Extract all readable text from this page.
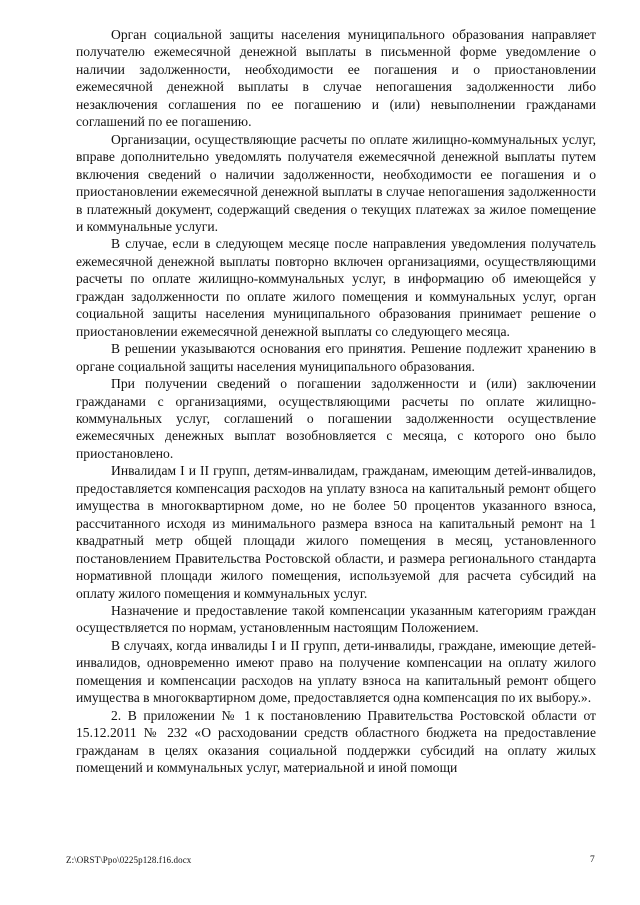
Орган социальной защиты населения муниципального образования направляет получателю ежемесячной денежной выплаты в письменной форме уведомление о наличии задолженности, необходимости ее погашения и о приостановлении ежемесячной денежной выплаты в случае непогашения задолженности либо незаключения соглашения по ее погашению и (или) невыполнении гражданами соглашений по ее погашению.

Организации, осуществляющие расчеты по оплате жилищно-коммунальных услуг, вправе дополнительно уведомлять получателя ежемесячной денежной выплаты путем включения сведений о наличии задолженности, необходимости ее погашения и о приостановлении ежемесячной денежной выплаты в случае непогашения задолженности в платежный документ, содержащий сведения о текущих платежах за жилое помещение и коммунальные услуги.

В случае, если в следующем месяце после направления уведомления получатель ежемесячной денежной выплаты повторно включен организациями, осуществляющими расчеты по оплате жилищно-коммунальных услуг, в информацию об имеющейся у граждан задолженности по оплате жилого помещения и коммунальных услуг, орган социальной защиты населения муниципального образования принимает решение о приостановлении ежемесячной денежной выплаты со следующего месяца.

В решении указываются основания его принятия. Решение подлежит хранению в органе социальной защиты населения муниципального образования.

При получении сведений о погашении задолженности и (или) заключении гражданами с организациями, осуществляющими расчеты по оплате жилищно-коммунальных услуг, соглашений о погашении задолженности осуществление ежемесячных денежных выплат возобновляется с месяца, с которого оно было приостановлено.

Инвалидам I и II групп, детям-инвалидам, гражданам, имеющим детей-инвалидов, предоставляется компенсация расходов на уплату взноса на капитальный ремонт общего имущества в многоквартирном доме, но не более 50 процентов указанного взноса, рассчитанного исходя из минимального размера взноса на капитальный ремонт на 1 квадратный метр общей площади жилого помещения в месяц, установленного постановлением Правительства Ростовской области, и размера регионального стандарта нормативной площади жилого помещения, используемой для расчета субсидий на оплату жилого помещения и коммунальных услуг.

Назначение и предоставление такой компенсации указанным категориям граждан осуществляется по нормам, установленным настоящим Положением.

В случаях, когда инвалиды I и II групп, дети-инвалиды, граждане, имеющие детей-инвалидов, одновременно имеют право на получение компенсации на оплату жилого помещения и компенсации расходов на уплату взноса на капитальный ремонт общего имущества в многоквартирном доме, предоставляется одна компенсация по их выбору.».

2. В приложении № 1 к постановлению Правительства Ростовской области от 15.12.2011 № 232 «О расходовании средств областного бюджета на предоставление гражданам в целях оказания социальной поддержки субсидий на оплату жилых помещений и коммунальных услуг, материальной и иной помощи

Z:\ORST\Ppo\0225p128.f16.docx	7
